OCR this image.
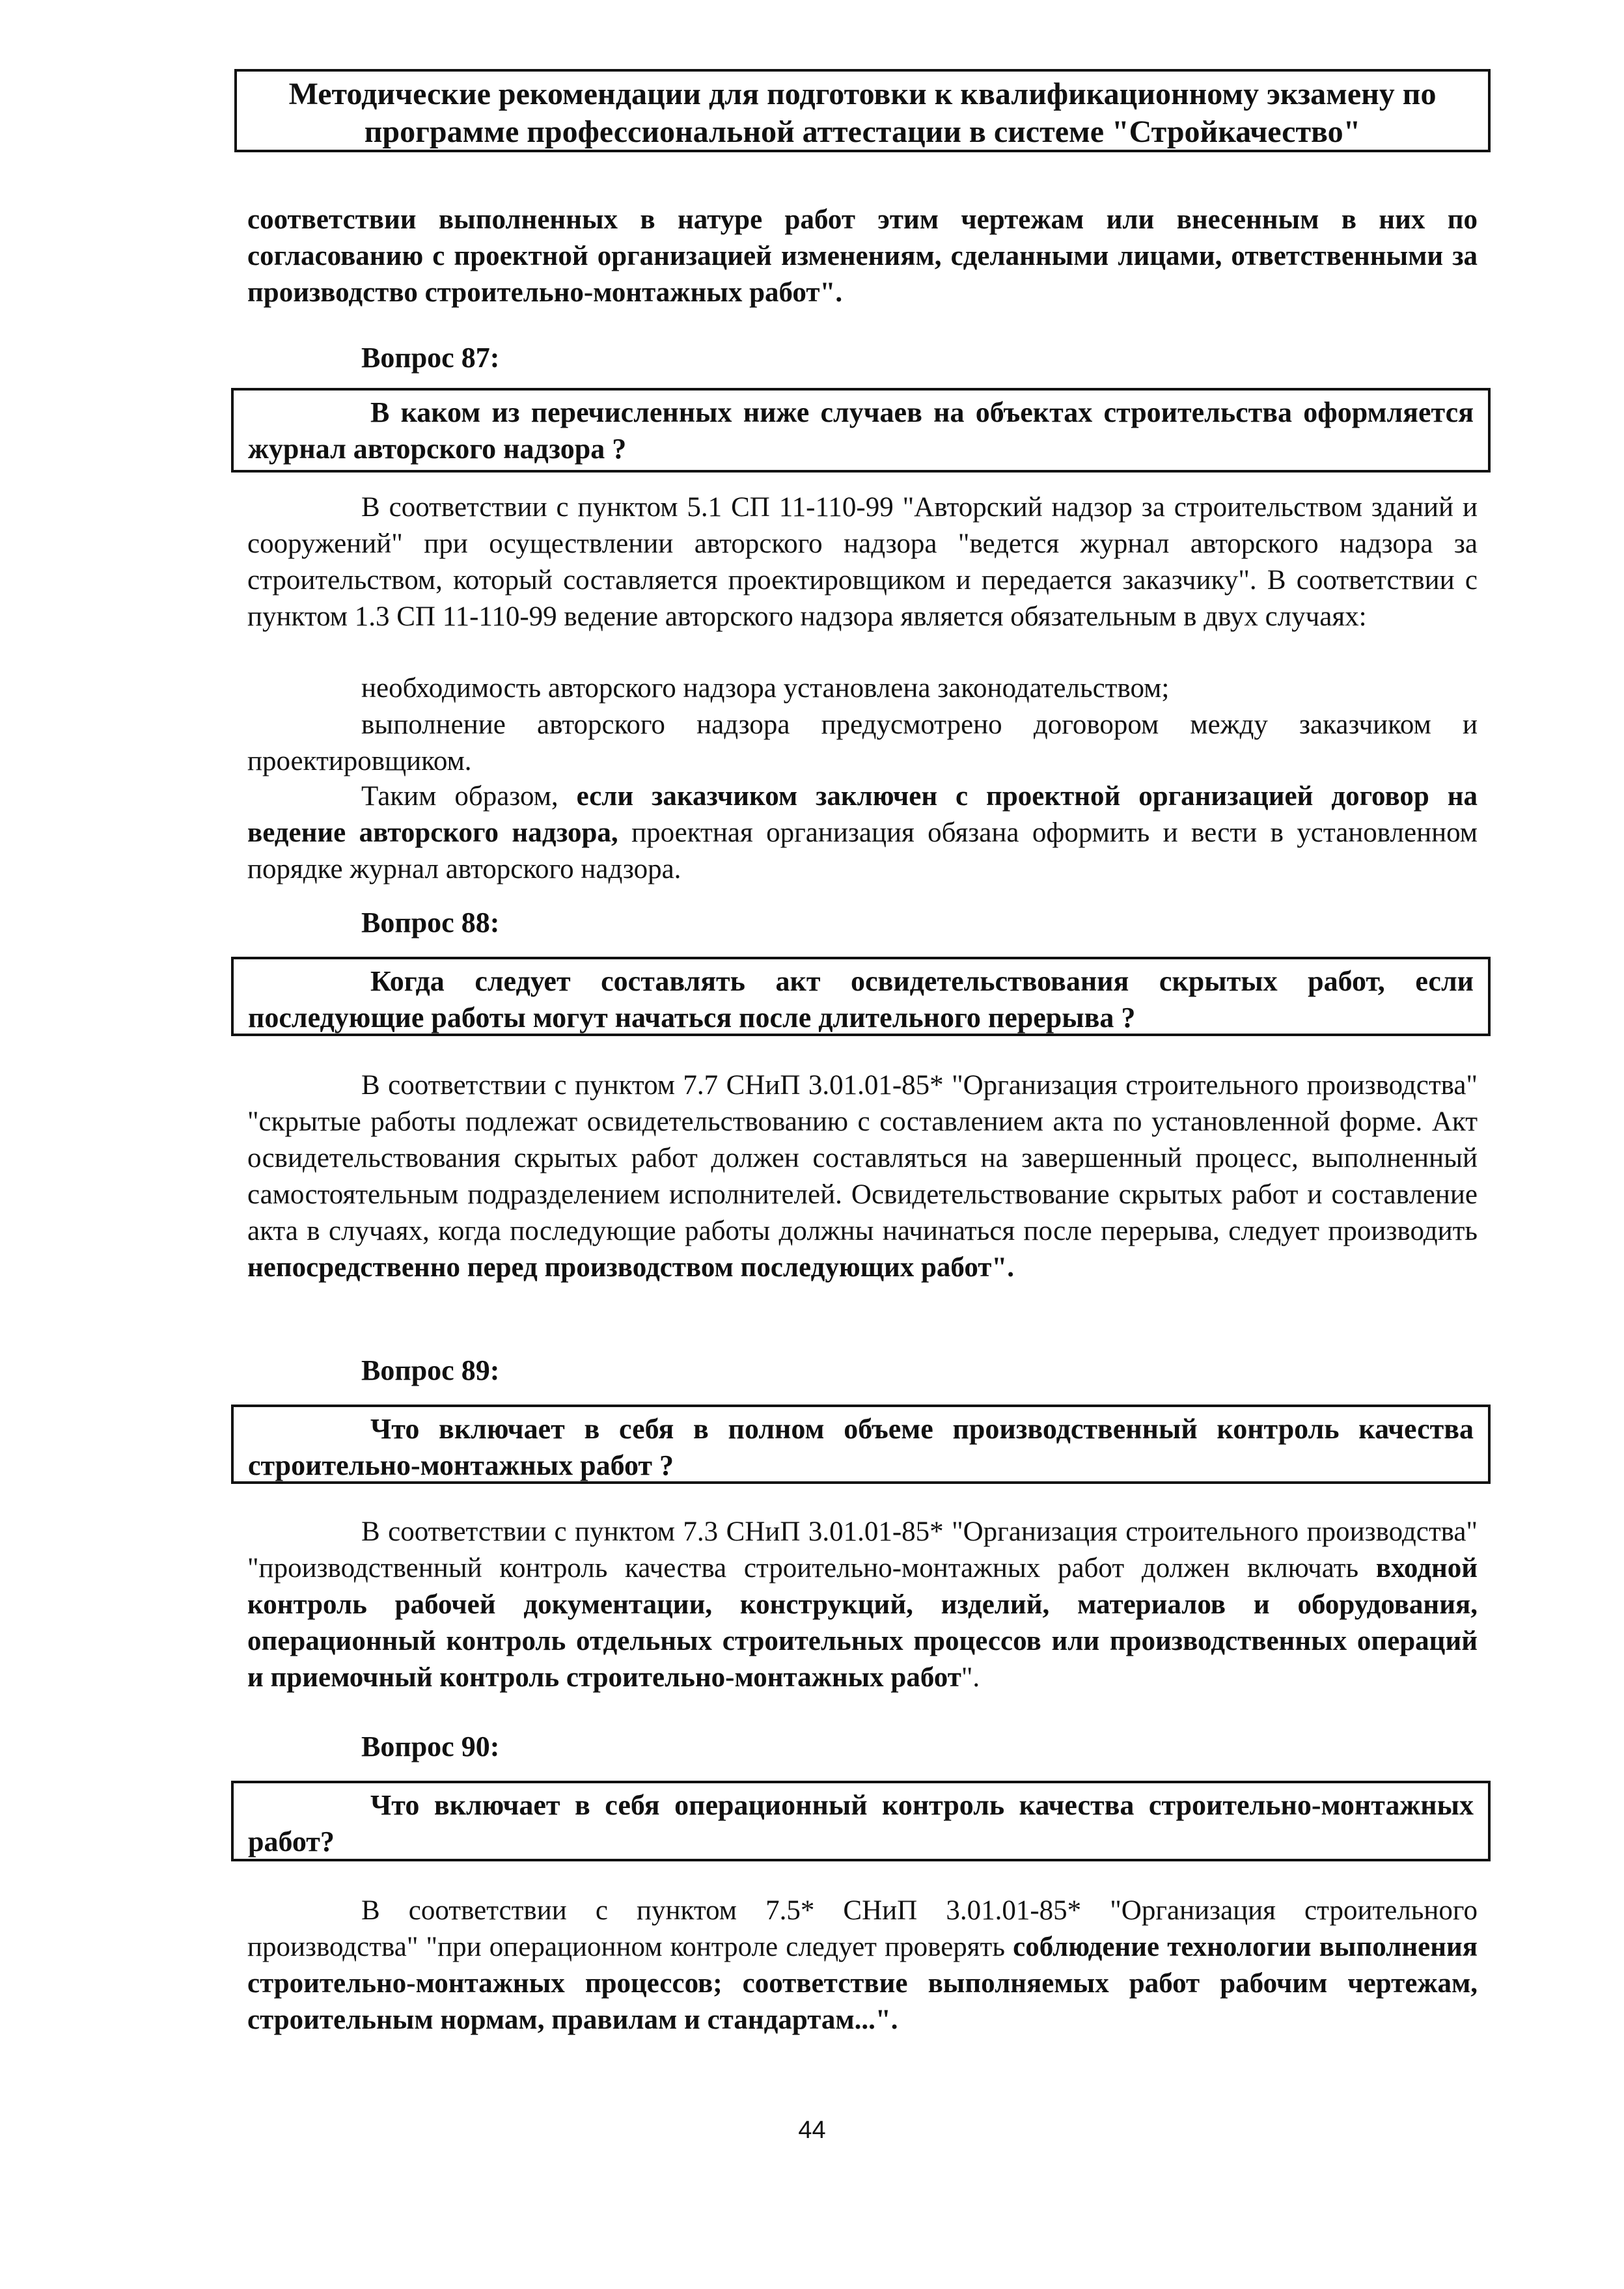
Методические рекомендации для подготовки к квалификационному экзамену по
программе профессиональной аттестации в системе "Стройкачество"
соответствии выполненных в натуре работ этим чертежам или внесенным в них по согласованию с проектной организацией изменениям, сделанными лицами, ответственными за производство строительно-монтажных работ".
Вопрос 87:
В каком из перечисленных ниже случаев на объектах строительства оформляется журнал авторского надзора ?
В соответствии с пунктом 5.1 СП 11-110-99 "Авторский надзор за строительством зданий и сооружений" при осуществлении авторского надзора "ведется журнал авторского надзора за строительством, который составляется проектировщиком и передается заказчику". В соответствии с пунктом 1.3 СП 11-110-99 ведение авторского надзора является обязательным в двух случаях:
необходимость авторского надзора установлена законодательством;
выполнение авторского надзора предусмотрено договором между заказчиком и проектировщиком.
Таким образом, если заказчиком заключен с проектной организацией договор на ведение авторского надзора, проектная организация обязана оформить и вести в установленном порядке журнал авторского надзора.
Вопрос 88:
Когда следует составлять акт освидетельствования скрытых работ, если последующие работы могут начаться после длительного перерыва ?
В соответствии с пунктом 7.7 СНиП 3.01.01-85* "Организация строительного производства" "скрытые работы подлежат освидетельствованию с составлением акта по установленной форме. Акт освидетельствования скрытых работ должен составляться на завершенный процесс, выполненный самостоятельным подразделением исполнителей. Освидетельствование скрытых работ и составление акта в случаях, когда последующие работы должны начинаться после перерыва, следует производить непосредственно перед производством последующих работ".
Вопрос 89:
Что включает в себя в полном объеме производственный контроль качества строительно-монтажных работ ?
В соответствии с пунктом 7.3 СНиП 3.01.01-85* "Организация строительного производства" "производственный контроль качества строительно-монтажных работ должен включать входной контроль рабочей документации, конструкций, изделий, материалов и оборудования, операционный контроль отдельных строительных процессов или производственных операций и приемочный контроль строительно-монтажных работ".
Вопрос 90:
Что включает в себя операционный контроль качества строительно-монтажных работ?
В соответствии с пунктом 7.5* СНиП 3.01.01-85* "Организация строительного производства" "при операционном контроле следует проверять соблюдение технологии выполнения строительно-монтажных процессов; соответствие выполняемых работ рабочим чертежам, строительным нормам, правилам и стандартам...".
44
